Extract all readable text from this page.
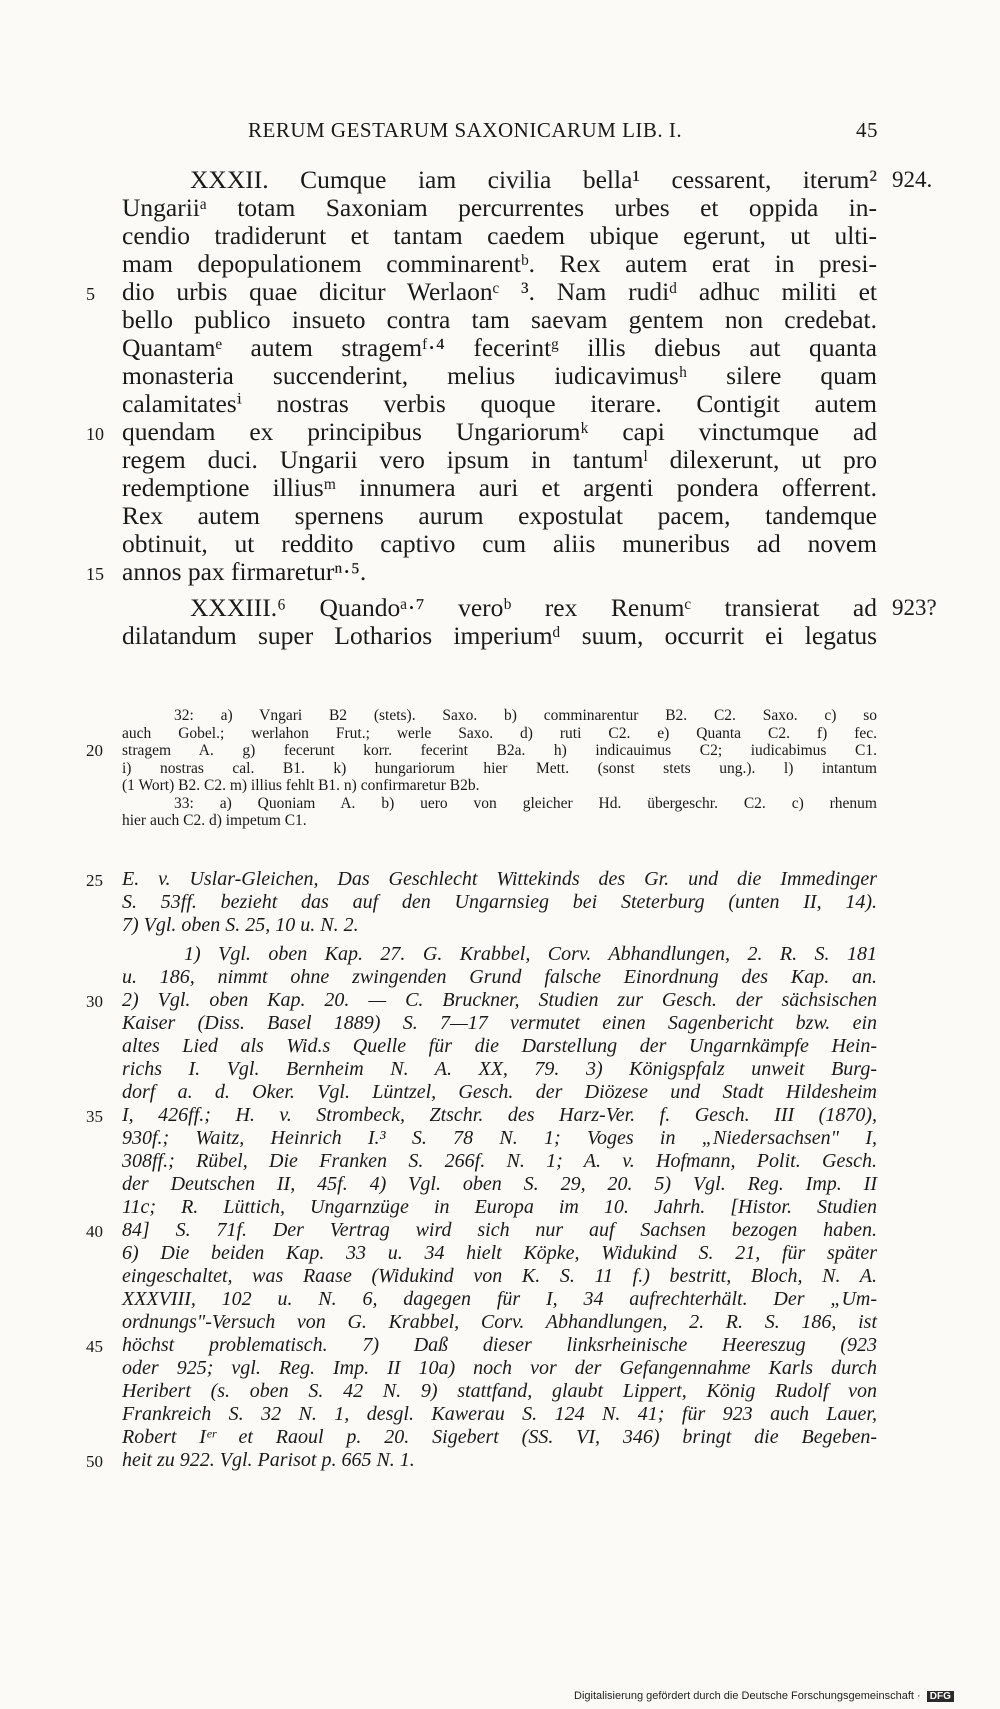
RERUM GESTARUM SAXONICARUM LIB. I.	45
XXXII. Cumque iam civilia bella¹ cessarent, iterum² 924.
Ungariiᵃ totam Saxoniam percurrentes urbes et oppida in-
cendio tradiderunt et tantam caedem ubique egerunt, ut ulti-
mam depopulationem comminarentᵇ. Rex autem erat in presi-
dio urbis quae dicitur Werlaonᶜ ³. Nam rudiᵈ adhuc militi et
5
bello publico insueto contra tam saevam gentem non credebat.
Quantamᵉ autem stragemᶠ·⁴ fecerintᵍ illis diebus aut quanta
monasteria succenderint, melius iudicavimusʰ silere quam
calamitatesⁱ nostras verbis quoque iterare. Contigit autem
quendam ex principibus Ungariorumᵏ capi vinctumque ad
10
regem duci. Ungarii vero ipsum in tantumˡ dilexerunt, ut pro
redemptione illiusᵐ innumera auri et argenti pondera offerrent.
Rex autem spernens aurum expostulat pacem, tandemque
obtinuit, ut reddito captivo cum aliis muneribus ad novem
annos pax firmareturⁿ·⁵.
15
XXXIII.⁶ Quandoᵃ·⁷ veroᵇ rex Renumᶜ transierat ad 923?
dilatandum super Lotharios imperiumᵈ suum, occurrit ei legatus
32: a) Vngari B2 (stets). Saxo. b) comminarentur B2. C2. Saxo. c) so
auch Gobel.; werlahon Frut.; werle Saxo. d) ruti C2. e) Quanta C2. f) fec.
stragem A. g) fecerunt korr. fecerint B2a. h) indicauimus C2; iudicabimus C1.
20
i) nostras cal. B1. k) hungariorum hier Mett. (sonst stets ung.). l) intantum
(1 Wort) B2. C2. m) illius fehlt B1. n) confirmaretur B2b.
33: a) Quoniam A. b) uero von gleicher Hd. übergeschr. C2. c) rhenum
hier auch C2. d) impetum C1.
E. v. Uslar-Gleichen, Das Geschlecht Wittekinds des Gr. und die Immedinger
25
S. 53ff. bezieht das auf den Ungarnsieg bei Steterburg (unten II, 14).
7) Vgl. oben S. 25, 10 u. N. 2.
1) Vgl. oben Kap. 27. G. Krabbel, Corv. Abhandlungen, 2. R. S. 181
u. 186, nimmt ohne zwingenden Grund falsche Einordnung des Kap. an.
2) Vgl. oben Kap. 20. — C. Bruckner, Studien zur Gesch. der sächsischen
30
Kaiser (Diss. Basel 1889) S. 7—17 vermutet einen Sagenbericht bzw. ein
altes Lied als Wid.s Quelle für die Darstellung der Ungarnkämpfe Hein-
richs I. Vgl. Bernheim N. A. XX, 79. 3) Königspfalz unweit Burg-
dorf a. d. Oker. Vgl. Lüntzel, Gesch. der Diözese und Stadt Hildesheim
I, 426ff.; H. v. Strombeck, Ztschr. des Harz-Ver. f. Gesch. III (1870),
35
930f.; Waitz, Heinrich I.³ S. 78 N. 1; Voges in „Niedersachsen" I,
308ff.; Rübel, Die Franken S. 266f. N. 1; A. v. Hofmann, Polit. Gesch.
der Deutschen II, 45f. 4) Vgl. oben S. 29, 20. 5) Vgl. Reg. Imp. II
11c; R. Lüttich, Ungarnzüge in Europa im 10. Jahrh. [Histor. Studien
84] S. 71f. Der Vertrag wird sich nur auf Sachsen bezogen haben.
40
6) Die beiden Kap. 33 u. 34 hielt Köpke, Widukind S. 21, für später
eingeschaltet, was Raase (Widukind von K. S. 11 f.) bestritt, Bloch, N. A.
XXXVIII, 102 u. N. 6, dagegen für I, 34 aufrechterhält. Der „Um-
ordnungs"-Versuch von G. Krabbel, Corv. Abhandlungen, 2. R. S. 186, ist
höchst problematisch. 7) Daß dieser linksrheinische Heereszug (923
45
oder 925; vgl. Reg. Imp. II 10a) noch vor der Gefangennahme Karls durch
Heribert (s. oben S. 42 N. 9) stattfand, glaubt Lippert, König Rudolf von
Frankreich S. 32 N. 1, desgl. Kawerau S. 124 N. 41; für 923 auch Lauer,
Robert Iᵉʳ et Raoul p. 20. Sigebert (SS. VI, 346) bringt die Begeben-
heit zu 922. Vgl. Parisot p. 665 N. 1.
50
Digitalisierung gefördert durch die Deutsche Forschungsgemeinschaft · DFG
